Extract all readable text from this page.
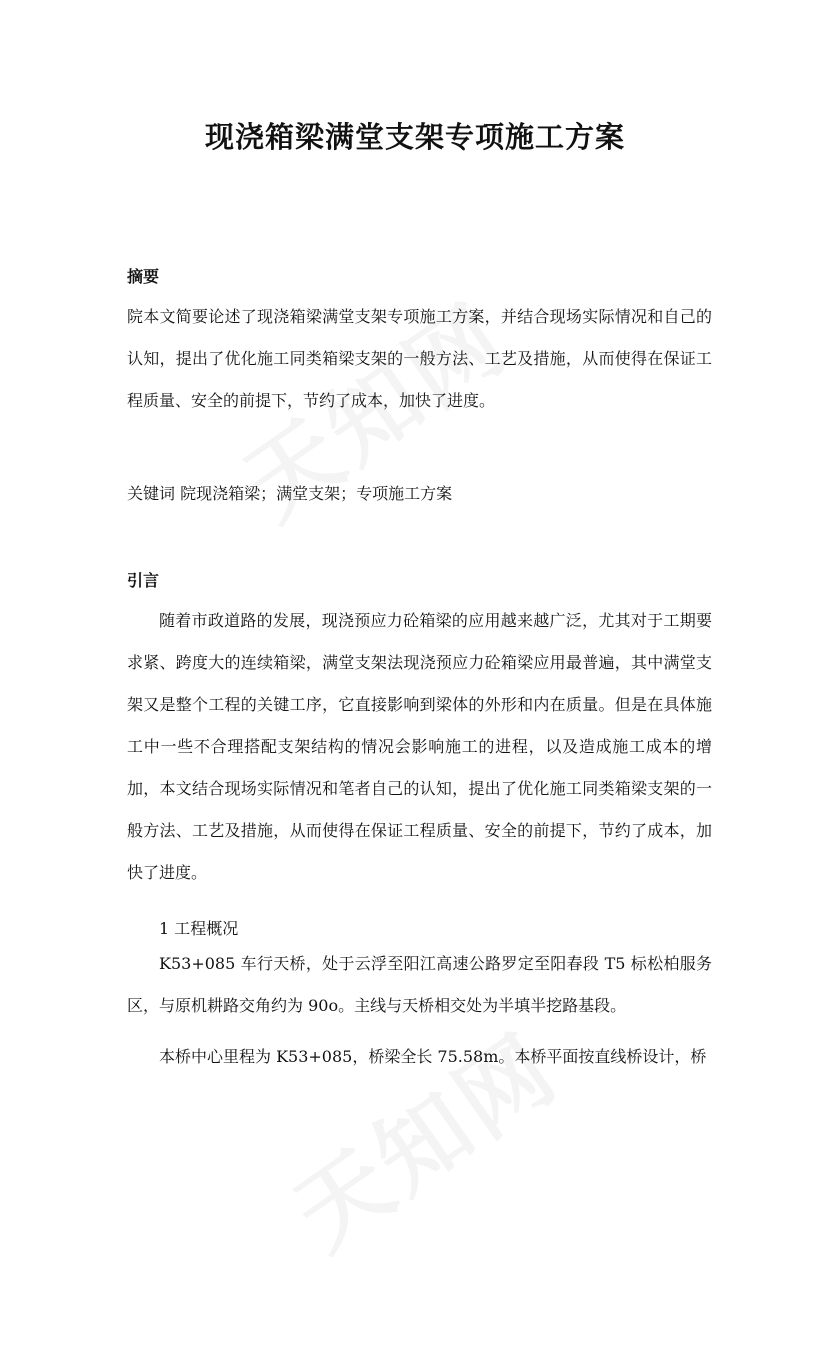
现浇箱梁满堂支架专项施工方案
摘要

院本文简要论述了现浇箱梁满堂支架专项施工方案，并结合现场实际情况和自己的认知，提出了优化施工同类箱梁支架的一般方法、工艺及措施，从而使得在保证工程质量、安全的前提下，节约了成本，加快了进度。

关键词 院现浇箱梁；满堂支架；专项施工方案
引言

随着市政道路的发展，现浇预应力砼箱梁的应用越来越广泛，尤其对于工期要求紧、跨度大的连续箱梁，满堂支架法现浇预应力砼箱梁应用最普遍，其中满堂支架又是整个工程的关键工序，它直接影响到梁体的外形和内在质量。但是在具体施工中一些不合理搭配支架结构的情况会影响施工的进程，以及造成施工成本的增加，本文结合现场实际情况和笔者自己的认知，提出了优化施工同类箱梁支架的一般方法、工艺及措施，从而使得在保证工程质量、安全的前提下，节约了成本，加快了进度。

1 工程概况

K53+085 车行天桥，处于云浮至阳江高速公路罗定至阳春段 T5 标松柏服务区，与原机耕路交角约为 90o。主线与天桥相交处为半填半挖路基段。

本桥中心里程为 K53+085，桥梁全长 75.58m。本桥平面按直线桥设计，桥
